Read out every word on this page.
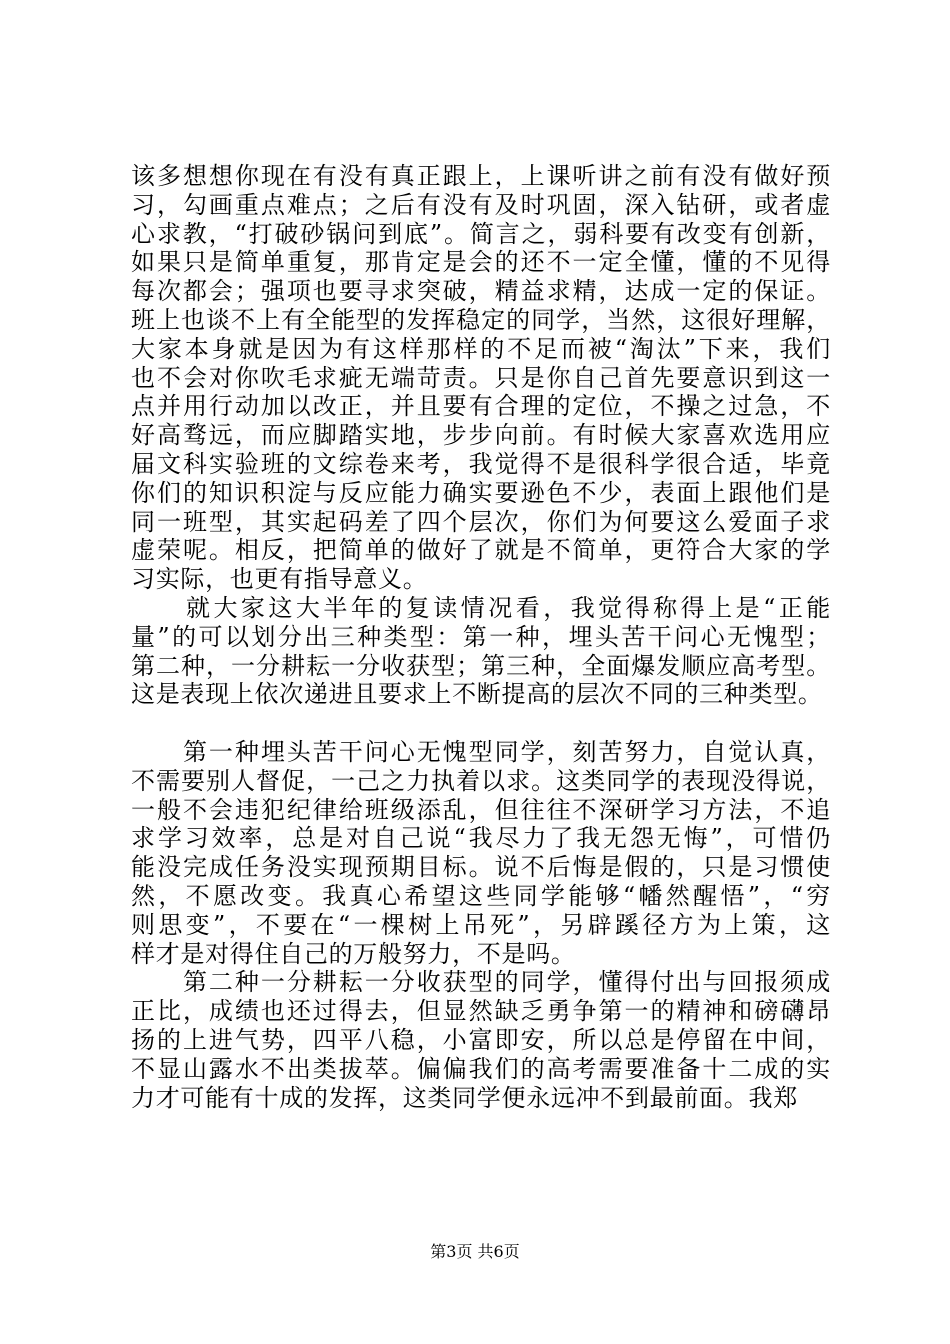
该多想想你现在有没有真正跟上，上课听讲之前有没有做好预
习，勾画重点难点；之后有没有及时巩固，深入钻研，或者虚
心求教，“打破砂锅问到底”。简言之，弱科要有改变有创新，
如果只是简单重复，那肯定是会的还不一定全懂，懂的不见得
每次都会；强项也要寻求突破，精益求精，达成一定的保证。
班上也谈不上有全能型的发挥稳定的同学，当然，这很好理解，
大家本身就是因为有这样那样的不足而被“淘汰”下来，我们
也不会对你吹毛求疵无端苛责。只是你自己首先要意识到这一
点并用行动加以改正，并且要有合理的定位，不操之过急，不
好高骛远，而应脚踏实地，步步向前。有时候大家喜欢选用应
届文科实验班的文综卷来考，我觉得不是很科学很合适，毕竟
你们的知识积淀与反应能力确实要逊色不少，表面上跟他们是
同一班型，其实起码差了四个层次，你们为何要这么爱面子求
虚荣呢。相反，把简单的做好了就是不简单，更符合大家的学
习实际，也更有指导意义。
　　就大家这大半年的复读情况看，我觉得称得上是“正能
量”的可以划分出三种类型：第一种，埋头苦干问心无愧型；
第二种，一分耕耘一分收获型；第三种，全面爆发顺应高考型。
这是表现上依次递进且要求上不断提高的层次不同的三种类型。
　　第一种埋头苦干问心无愧型同学，刻苦努力，自觉认真，
不需要别人督促，一己之力执着以求。这类同学的表现没得说，
一般不会违犯纪律给班级添乱，但往往不深研学习方法，不追
求学习效率，总是对自己说“我尽力了我无怨无悔”，可惜仍
能没完成任务没实现预期目标。说不后悔是假的，只是习惯使
然，不愿改变。我真心希望这些同学能够“幡然醒悟”，“穷
则思变”，不要在“一棵树上吊死”，另辟蹊径方为上策，这
样才是对得住自己的万般努力，不是吗。
　　第二种一分耕耘一分收获型的同学，懂得付出与回报须成
正比，成绩也还过得去，但显然缺乏勇争第一的精神和磅礴昂
扬的上进气势，四平八稳，小富即安，所以总是停留在中间，
不显山露水不出类拔萃。偏偏我们的高考需要准备十二成的实
力才可能有十成的发挥，这类同学便永远冲不到最前面。我郑
第3页 共6页
